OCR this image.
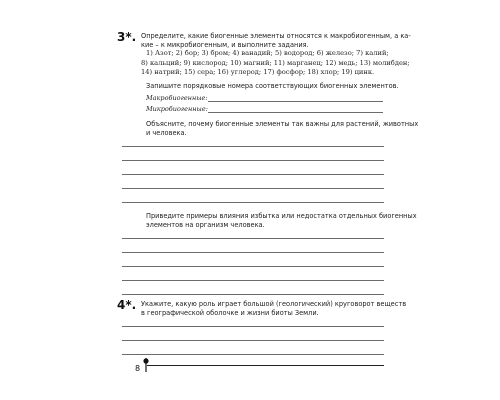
3*. Определите, какие биогенные элементы относятся к макробиогенным, а ка-
кие – к микробиогенным, и выполните задания.
1) Азот; 2) бор; 3) бром; 4) ванадий; 5) водород; 6) железо; 7) калий;
8) кальций; 9) кислород; 10) магний; 11) марганец; 12) медь; 13) молибден;
14) натрий; 15) сера; 16) углерод; 17) фосфор; 18) хлор; 19) цинк.
Запишите порядковые номера соответствующих биогенных элементов.
Макробиогенные:
Микробиогенные:
Объясните, почему биогенные элементы так важны для растений, животных
и человека.
Приведите примеры влияния избытка или недостатка отдельных биогенных
элементов на организм человека.
4*. Укажите, какую роль играет большой (геологический) круговорот веществ
в географической оболочке и жизни биоты Земли.
8
